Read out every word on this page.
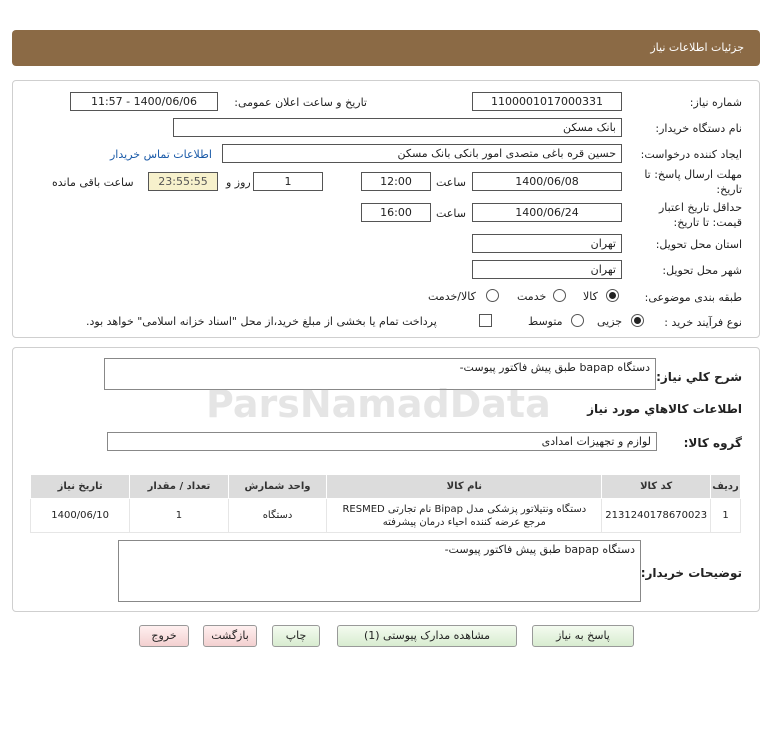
جزئیات اطلاعات نیاز
شماره نیاز:
1100001017000331
تاریخ و ساعت اعلان عمومی:
1400/06/06 - 11:57
نام دستگاه خریدار:
بانک مسکن
ایجاد کننده درخواست:
حسین قره باغی متصدی امور بانکی بانک مسکن
اطلاعات تماس خریدار
مهلت ارسال پاسخ: تا
تاریخ:
1400/06/08
ساعت
12:00
1
روز و
23:55:55
ساعت باقی مانده
حداقل تاریخ اعتبار
قیمت: تا تاریخ:
1400/06/24
ساعت
16:00
استان محل تحویل:
تهران
شهر محل تحویل:
تهران
طبقه بندی موضوعی:
کالا
خدمت
کالا/خدمت
نوع فرآیند خرید :
جزیی
متوسط
پرداخت تمام یا بخشی از مبلغ خرید،از محل "اسناد خزانه اسلامی" خواهد بود.
شرح کلي نياز:
دستگاه bapap طبق پیش فاکتور پیوست-
اطلاعات کالاهاي مورد نياز
گروه کالا:
لوازم و تجهیزات امدادی
ردیف	کد کالا	نام کالا	واحد شمارش	تعداد / مقدار	تاریخ نیاز
1	2131240178670023	دستگاه ونتیلاتور پزشکی مدل Bipap نام تجارتی RESMED
مرجع عرضه کننده احیاء درمان پیشرفته	دستگاه	1	1400/06/10
توضیحات خریدار:
دستگاه bapap طبق پیش فاکتور پیوست-
پاسخ به نیاز
مشاهده مدارک پیوستی (1)
چاپ
بازگشت
خروج
ParsNamadData
